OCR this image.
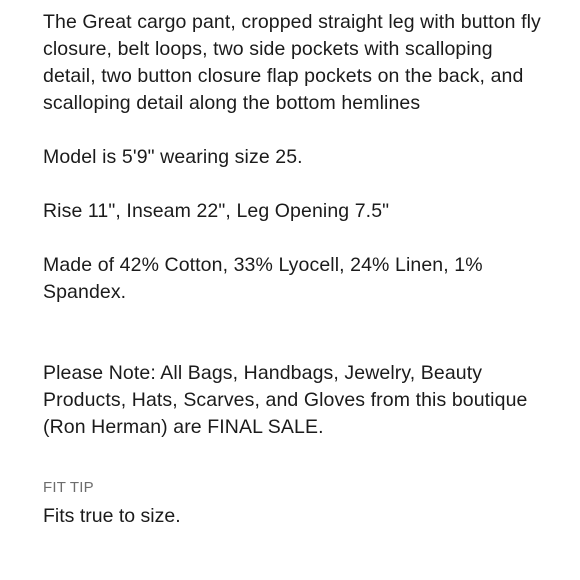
The Great cargo pant, cropped straight leg with button fly closure, belt loops, two side pockets with scalloping detail, two button closure flap pockets on the back, and scalloping detail along the bottom hemlines

Model is 5'9" wearing size 25.

Rise 11", Inseam 22", Leg Opening 7.5"

Made of 42% Cotton, 33% Lyocell, 24% Linen, 1% Spandex.

Please Note: All Bags, Handbags, Jewelry, Beauty Products, Hats, Scarves, and Gloves from this boutique (Ron Herman) are FINAL SALE.

FIT TIP
Fits true to size.
